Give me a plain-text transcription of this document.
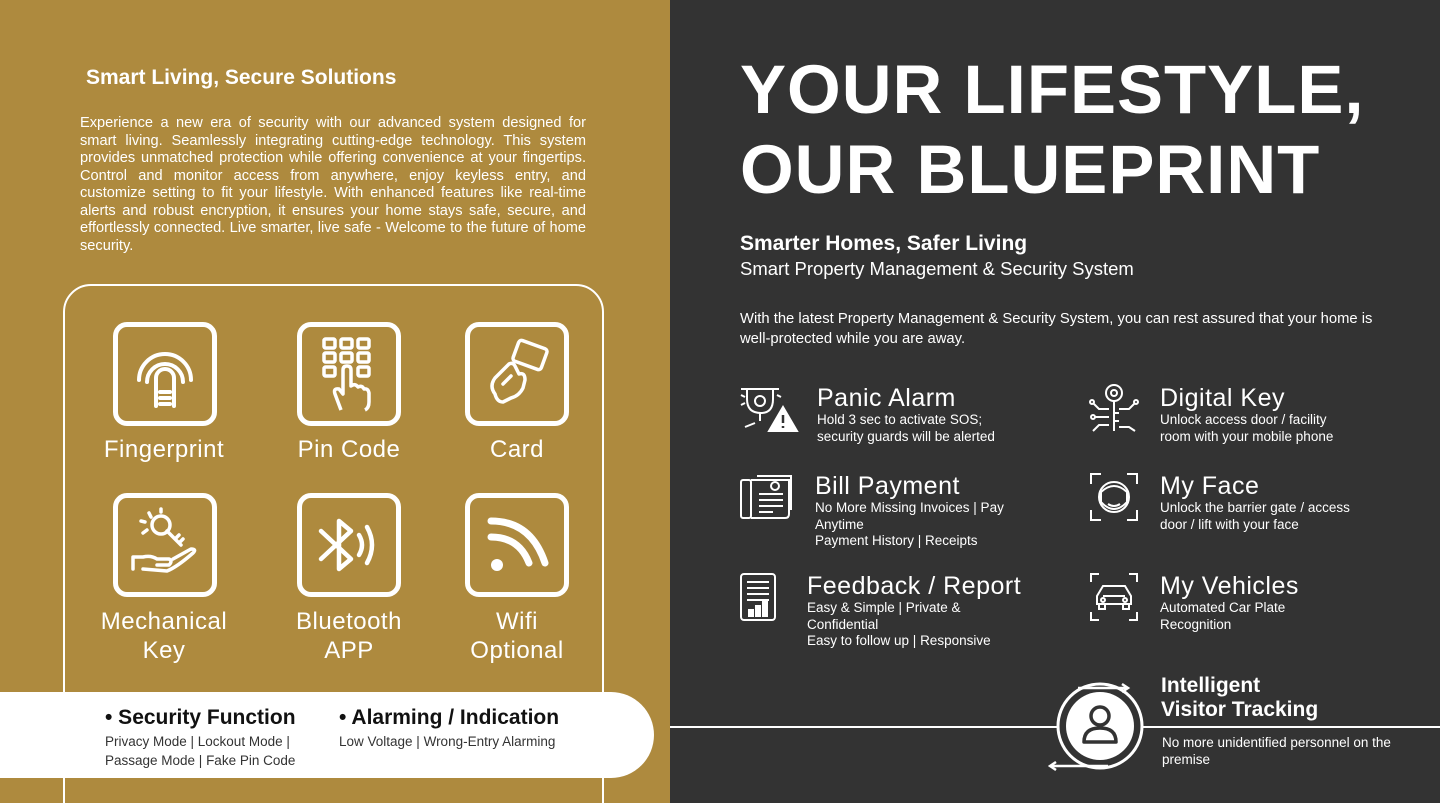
Smart Living, Secure Solutions
Experience a new era of security with our advanced system designed for smart living. Seamlessly integrating cutting-edge technology. This system provides unmatched protection while offering convenience at your fingertips. Control and monitor access from anywhere, enjoy keyless entry, and customize setting to fit your lifestyle. With enhanced features like real-time alerts and robust encryption, it ensures your home stays safe, secure, and effortlessly connected. Live smarter, live safe - Welcome to the future of home security.
Fingerprint	Pin Code	Card
Mechanical
Key
Bluetooth
APP
Wifi
Optional
• Security Function
Privacy Mode | Lockout Mode |
Passage Mode | Fake Pin Code
• Alarming / Indication
Low Voltage | Wrong-Entry Alarming
YOUR LIFESTYLE,
OUR BLUEPRINT
Smarter Homes, Safer Living
Smart Property Management & Security System
With the latest Property Management & Security System, you can rest assured that your home is well-protected while you are away.
Panic Alarm
Hold 3 sec to activate SOS;
security guards will be alerted
Digital Key
Unlock access door / facility
room with your mobile phone
Bill Payment
No More Missing Invoices | Pay
Anytime
Payment History | Receipts
My Face
Unlock the barrier gate / access
door / lift with your face
Feedback / Report
Easy & Simple | Private &
Confidential
Easy to follow up | Responsive
My Vehicles
Automated Car Plate
Recognition
Intelligent
Visitor Tracking
No more unidentified personnel on the premise
